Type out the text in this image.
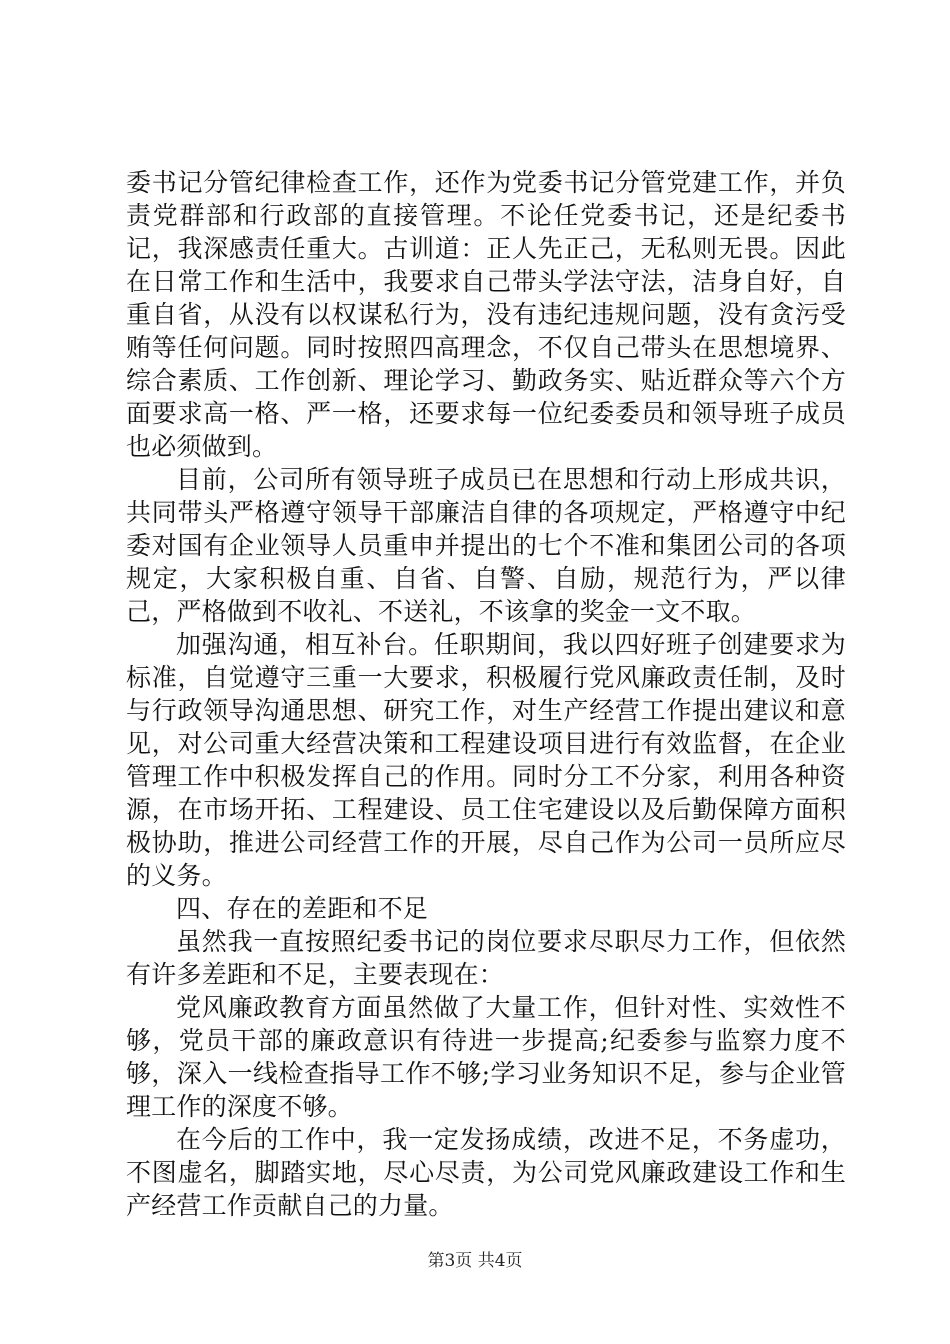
委书记分管纪律检查工作，还作为党委书记分管党建工作，并负责党群部和行政部的直接管理。不论任党委书记，还是纪委书记，我深感责任重大。古训道：正人先正己，无私则无畏。因此在日常工作和生活中，我要求自己带头学法守法，洁身自好，自重自省，从没有以权谋私行为，没有违纪违规问题，没有贪污受贿等任何问题。同时按照四高理念，不仅自己带头在思想境界、综合素质、工作创新、理论学习、勤政务实、贴近群众等六个方面要求高一格、严一格，还要求每一位纪委委员和领导班子成员也必须做到。

目前，公司所有领导班子成员已在思想和行动上形成共识，共同带头严格遵守领导干部廉洁自律的各项规定，严格遵守中纪委对国有企业领导人员重申并提出的七个不准和集团公司的各项规定，大家积极自重、自省、自警、自励，规范行为，严以律己，严格做到不收礼、不送礼，不该拿的奖金一文不取。

加强沟通，相互补台。任职期间，我以四好班子创建要求为标准，自觉遵守三重一大要求，积极履行党风廉政责任制，及时与行政领导沟通思想、研究工作，对生产经营工作提出建议和意见，对公司重大经营决策和工程建设项目进行有效监督，在企业管理工作中积极发挥自己的作用。同时分工不分家，利用各种资源，在市场开拓、工程建设、员工住宅建设以及后勤保障方面积极协助，推进公司经营工作的开展，尽自己作为公司一员所应尽的义务。

四、存在的差距和不足

虽然我一直按照纪委书记的岗位要求尽职尽力工作，但依然有许多差距和不足，主要表现在：

党风廉政教育方面虽然做了大量工作，但针对性、实效性不够，党员干部的廉政意识有待进一步提高;纪委参与监察力度不够，深入一线检查指导工作不够;学习业务知识不足，参与企业管理工作的深度不够。

在今后的工作中，我一定发扬成绩，改进不足，不务虚功，不图虚名，脚踏实地，尽心尽责，为公司党风廉政建设工作和生产经营工作贡献自己的力量。

第3页 共4页
